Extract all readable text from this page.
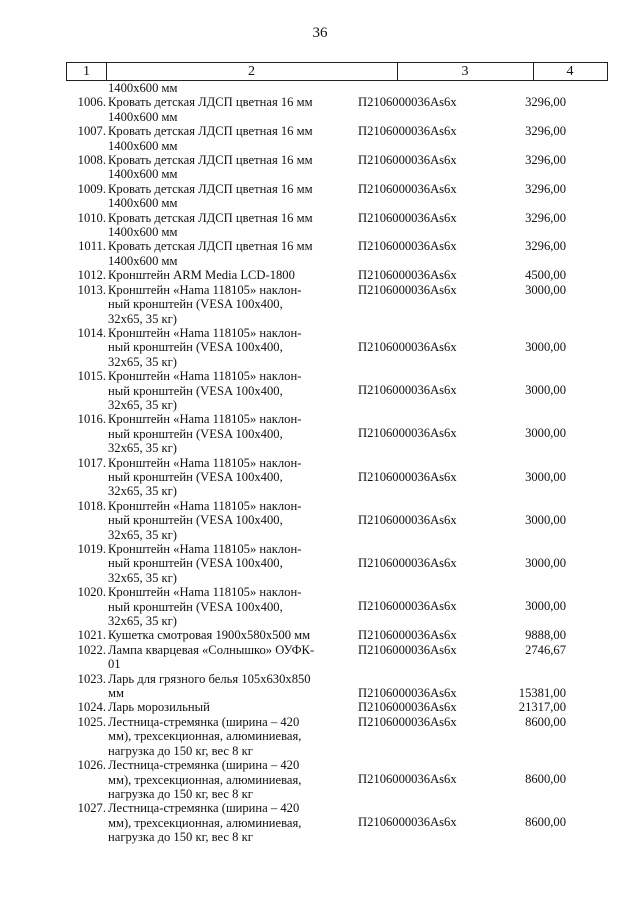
36
1	2	3	4
1400х600 мм
1006. Кровать детская ЛДСП цветная 16 мм
1400х600 мм
П2106000036Аѕ6х	3296,00
1007. Кровать детская ЛДСП цветная 16 мм
1400х600 мм
П2106000036Аѕ6х	3296,00
1008. Кровать детская ЛДСП цветная 16 мм
1400х600 мм
П2106000036Аѕ6х	3296,00
1009. Кровать детская ЛДСП цветная 16 мм
1400х600 мм
П2106000036Аѕ6х	3296,00
1010. Кровать детская ЛДСП цветная 16 мм
1400х600 мм
П2106000036Аѕ6х	3296,00
1011. Кровать детская ЛДСП цветная 16 мм
1400х600 мм
П2106000036Аѕ6х	3296,00
1012. Кронштейн ARM Media LCD-1800	П2106000036Аѕ6х	4500,00
1013. Кронштейн «Hama 118105» наклон-
ный кронштейн (VESA 100х400,
32х65, 35 кг)
П2106000036Аѕ6х	3000,00
1014. Кронштейн «Hama 118105» наклон-
ный кронштейн (VESA 100х400,
32х65, 35 кг)
П2106000036Аѕ6х	3000,00
1015. Кронштейн «Hama 118105» наклон-
ный кронштейн (VESA 100х400,
32х65, 35 кг)
П2106000036Аѕ6х	3000,00
1016. Кронштейн «Hama 118105» наклон-
ный кронштейн (VESA 100х400,
32х65, 35 кг)
П2106000036Аѕ6х	3000,00
1017. Кронштейн «Hama 118105» наклон-
ный кронштейн (VESA 100х400,
32х65, 35 кг)
П2106000036Аѕ6х	3000,00
1018. Кронштейн «Hama 118105» наклон-
ный кронштейн (VESA 100х400,
32х65, 35 кг)
П2106000036Аѕ6х	3000,00
1019. Кронштейн «Hama 118105» наклон-
ный кронштейн (VESA 100х400,
32х65, 35 кг)
П2106000036Аѕ6х	3000,00
1020. Кронштейн «Hama 118105» наклон-
ный кронштейн (VESA 100х400,
32х65, 35 кг)
П2106000036Аѕ6х	3000,00
1021. Кушетка смотровая 1900х580х500 мм	П2106000036Аѕ6х	9888,00
1022. Лампа кварцевая «Солнышко» ОУФК-
01
П2106000036Аѕ6х	2746,67
1023. Ларь для грязного белья 105х630х850
мм	П2106000036Аѕ6х	15381,00
1024. Ларь морозильный	П2106000036Аѕ6х	21317,00
1025. Лестница-стремянка (ширина – 420
мм), трехсекционная, алюминиевая,
нагрузка до 150 кг, вес 8 кг
П2106000036Аѕ6х	8600,00
1026. Лестница-стремянка (ширина – 420
мм), трехсекционная, алюминиевая,
нагрузка до 150 кг, вес 8 кг
П2106000036Аѕ6х	8600,00
1027. Лестница-стремянка (ширина – 420
мм), трехсекционная, алюминиевая,
нагрузка до 150 кг, вес 8 кг
П2106000036Аѕ6х	8600,00
